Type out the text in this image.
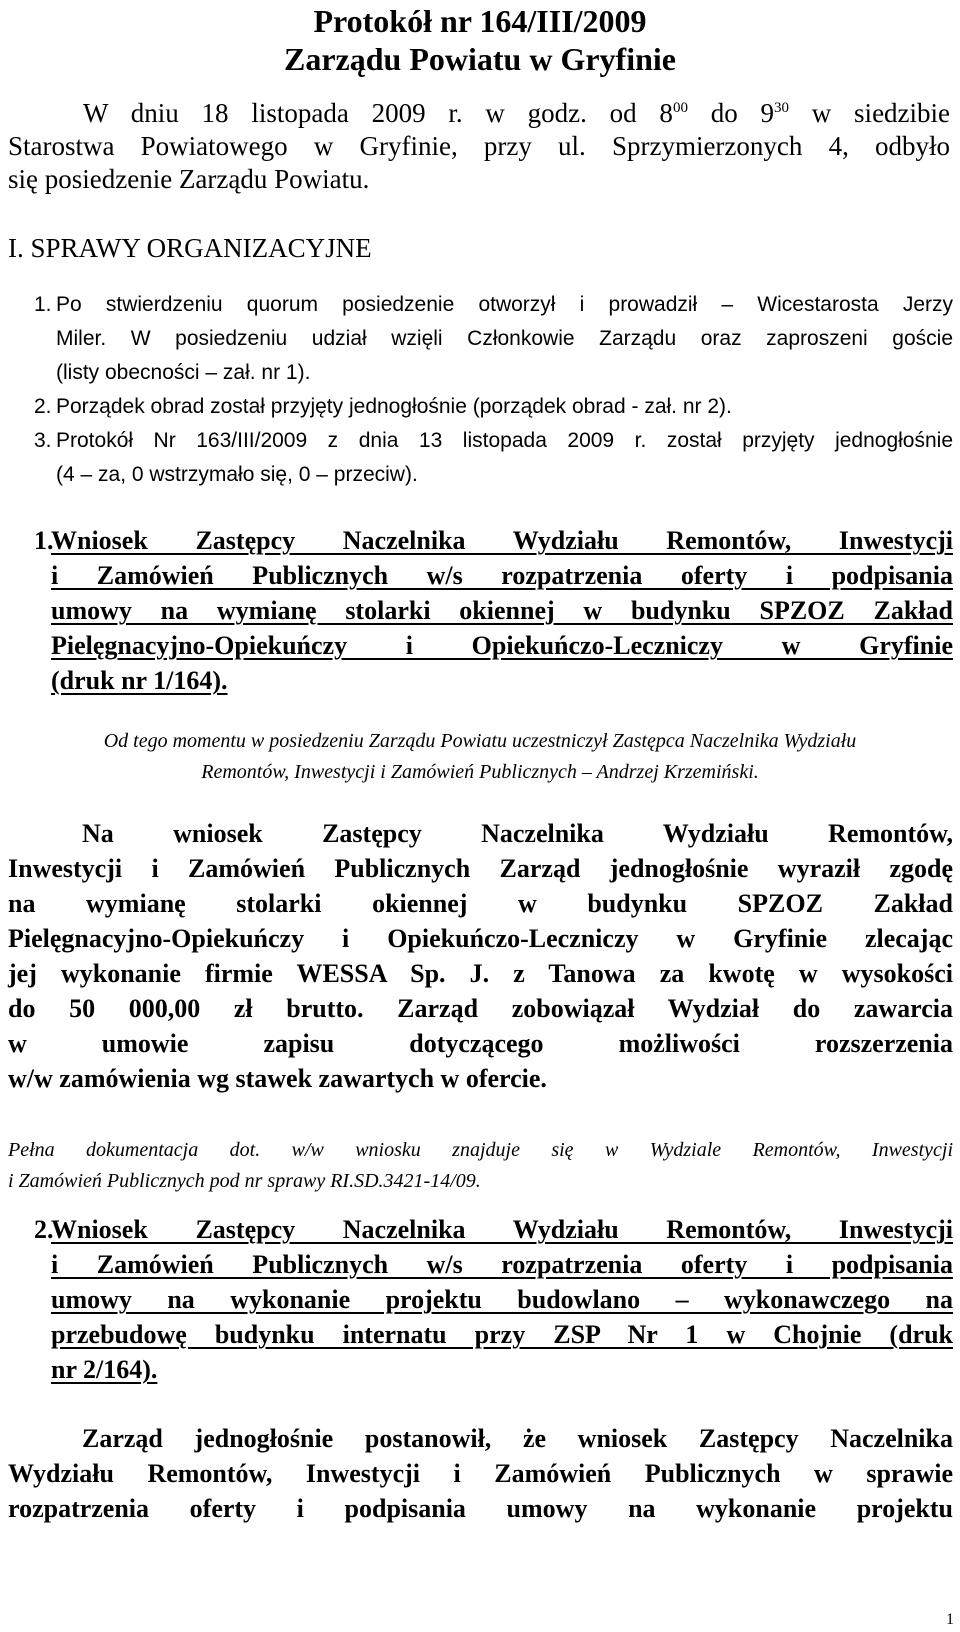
Protokół nr 164/III/2009

Zarządu Powiatu w Gryfinie

W dniu 18 listopada 2009 r. w godz. od $8^{00}$ do $9^{30}$ w siedzibie

Starostwa Powiatowego w Gryfinie, przy ul. Sprzymierzonych 4, odbyło

się posiedzenie Zarządu Powiatu.

I. SPRAWY ORGANIZACYJNE

1. Po stwierdzeniu quorum posiedzenie otworzył i prowadził – Wicestarosta Jerzy

Miler. W posiedzeniu udział wzięli Członkowie Zarządu oraz zaproszeni goście

(listy obecności – zał. nr 1).

2. Porządek obrad został przyjęty jednogłośnie (porządek obrad - zał. nr 2).

3. Protokół Nr 163/III/2009 z dnia 13 listopada 2009 r. został przyjęty jednogłośnie

(4 – za, 0 wstrzymało się, 0 – przeciw).

1.

Wniosek Zastępcy Naczelnika Wydziału Remontów, Inwestycji

i Zamówień Publicznych w/s rozpatrzenia oferty i podpisania

umowy na wymianę stolarki okiennej w budynku SPZOZ Zakład

Pielęgnacyjno-Opiekuńczy i Opiekuńczo-Leczniczy w Gryfinie

(druk nr 1/164).

Od tego momentu w posiedzeniu Zarządu Powiatu uczestniczył Zastępca Naczelnika Wydziału

Remontów, Inwestycji i Zamówień Publicznych – Andrzej Krzemiński.

Na wniosek Zastępcy Naczelnika Wydziału Remontów,

Inwestycji i Zamówień Publicznych Zarząd jednogłośnie wyraził zgodę

na wymianę stolarki okiennej w budynku SPZOZ Zakład

Pielęgnacyjno-Opiekuńczy i Opiekuńczo-Leczniczy w Gryfinie zlecając

jej wykonanie firmie WESSA Sp. J. z Tanowa za kwotę w wysokości

do 50 000,00 zł brutto. Zarząd zobowiązał Wydział do zawarcia

w umowie zapisu dotyczącego możliwości rozszerzenia

w/w zamówienia wg stawek zawartych w ofercie.

Pełna dokumentacja dot. w/w wniosku znajduje się w Wydziale Remontów, Inwestycji

i Zamówień Publicznych pod nr sprawy RI.SD.3421-14/09.

2.

Wniosek Zastępcy Naczelnika Wydziału Remontów, Inwestycji

i Zamówień Publicznych w/s rozpatrzenia oferty i podpisania

umowy na wykonanie projektu budowlano – wykonawczego na

przebudowę budynku internatu przy ZSP Nr 1 w Chojnie (druk

nr 2/164).

Zarząd jednogłośnie postanowił, że wniosek Zastępcy Naczelnika

Wydziału Remontów, Inwestycji i Zamówień Publicznych w sprawie

rozpatrzenia oferty i podpisania umowy na wykonanie projektu

1
